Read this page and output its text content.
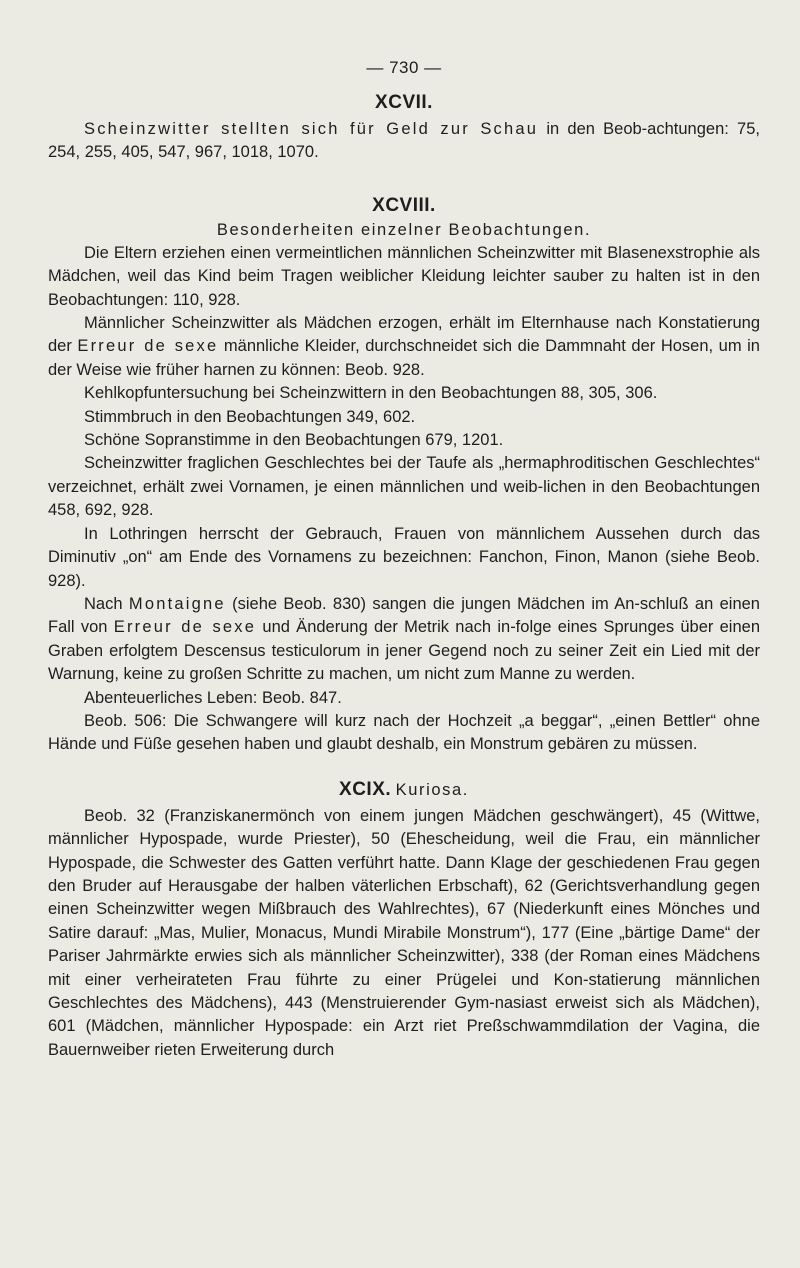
— 730 —
XCVII.

Scheinzwitter stellten sich für Geld zur Schau in den Beob-achtungen: 75, 254, 255, 405, 547, 967, 1018, 1070.

XCVIII.
Besonderheiten einzelner Beobachtungen.

Die Eltern erziehen einen vermeintlichen männlichen Scheinzwitter mit Blasenexstrophie als Mädchen, weil das Kind beim Tragen weiblicher Kleidung leichter sauber zu halten ist in den Beobachtungen: 110, 928.

Männlicher Scheinzwitter als Mädchen erzogen, erhält im Elternhause nach Konstatierung der Erreur de sexe männliche Kleider, durchschneidet sich die Dammnaht der Hosen, um in der Weise wie früher harnen zu können: Beob. 928.

Kehlkopfuntersuchung bei Scheinzwittern in den Beobachtungen 88, 305, 306.

Stimmbruch in den Beobachtungen 349, 602.

Schöne Sopranstimme in den Beobachtungen 679, 1201.

Scheinzwitter fraglichen Geschlechtes bei der Taufe als „hermaphroditischen Geschlechtes“ verzeichnet, erhält zwei Vornamen, je einen männlichen und weib-lichen in den Beobachtungen 458, 692, 928.

In Lothringen herrscht der Gebrauch, Frauen von männlichem Aussehen durch das Diminutiv „on“ am Ende des Vornamens zu bezeichnen: Fanchon, Finon, Manon (siehe Beob. 928).

Nach Montaigne (siehe Beob. 830) sangen die jungen Mädchen im An-schluß an einen Fall von Erreur de sexe und Änderung der Metrik nach in-folge eines Sprunges über einen Graben erfolgtem Descensus testiculorum in jener Gegend noch zu seiner Zeit ein Lied mit der Warnung, keine zu großen Schritte zu machen, um nicht zum Manne zu werden.

Abenteuerliches Leben: Beob. 847.

Beob. 506: Die Schwangere will kurz nach der Hochzeit „a beggar“, „einen Bettler“ ohne Hände und Füße gesehen haben und glaubt deshalb, ein Monstrum gebären zu müssen.

XCIX. Kuriosa.

Beob. 32 (Franziskanermönch von einem jungen Mädchen geschwängert), 45 (Wittwe, männlicher Hypospade, wurde Priester), 50 (Ehescheidung, weil die Frau, ein männlicher Hypospade, die Schwester des Gatten verführt hatte. Dann Klage der geschiedenen Frau gegen den Bruder auf Herausgabe der halben väterlichen Erbschaft), 62 (Gerichtsverhandlung gegen einen Scheinzwitter wegen Mißbrauch des Wahlrechtes), 67 (Niederkunft eines Mönches und Satire darauf: „Mas, Mulier, Monacus, Mundi Mirabile Monstrum“), 177 (Eine „bärtige Dame“ der Pariser Jahrmärkte erwies sich als männlicher Scheinzwitter), 338 (der Roman eines Mädchens mit einer verheirateten Frau führte zu einer Prügelei und Kon-statierung männlichen Geschlechtes des Mädchens), 443 (Menstruierender Gym-nasiast erweist sich als Mädchen), 601 (Mädchen, männlicher Hypospade: ein Arzt riet Preßschwammdilation der Vagina, die Bauernweiber rieten Erweiterung durch
